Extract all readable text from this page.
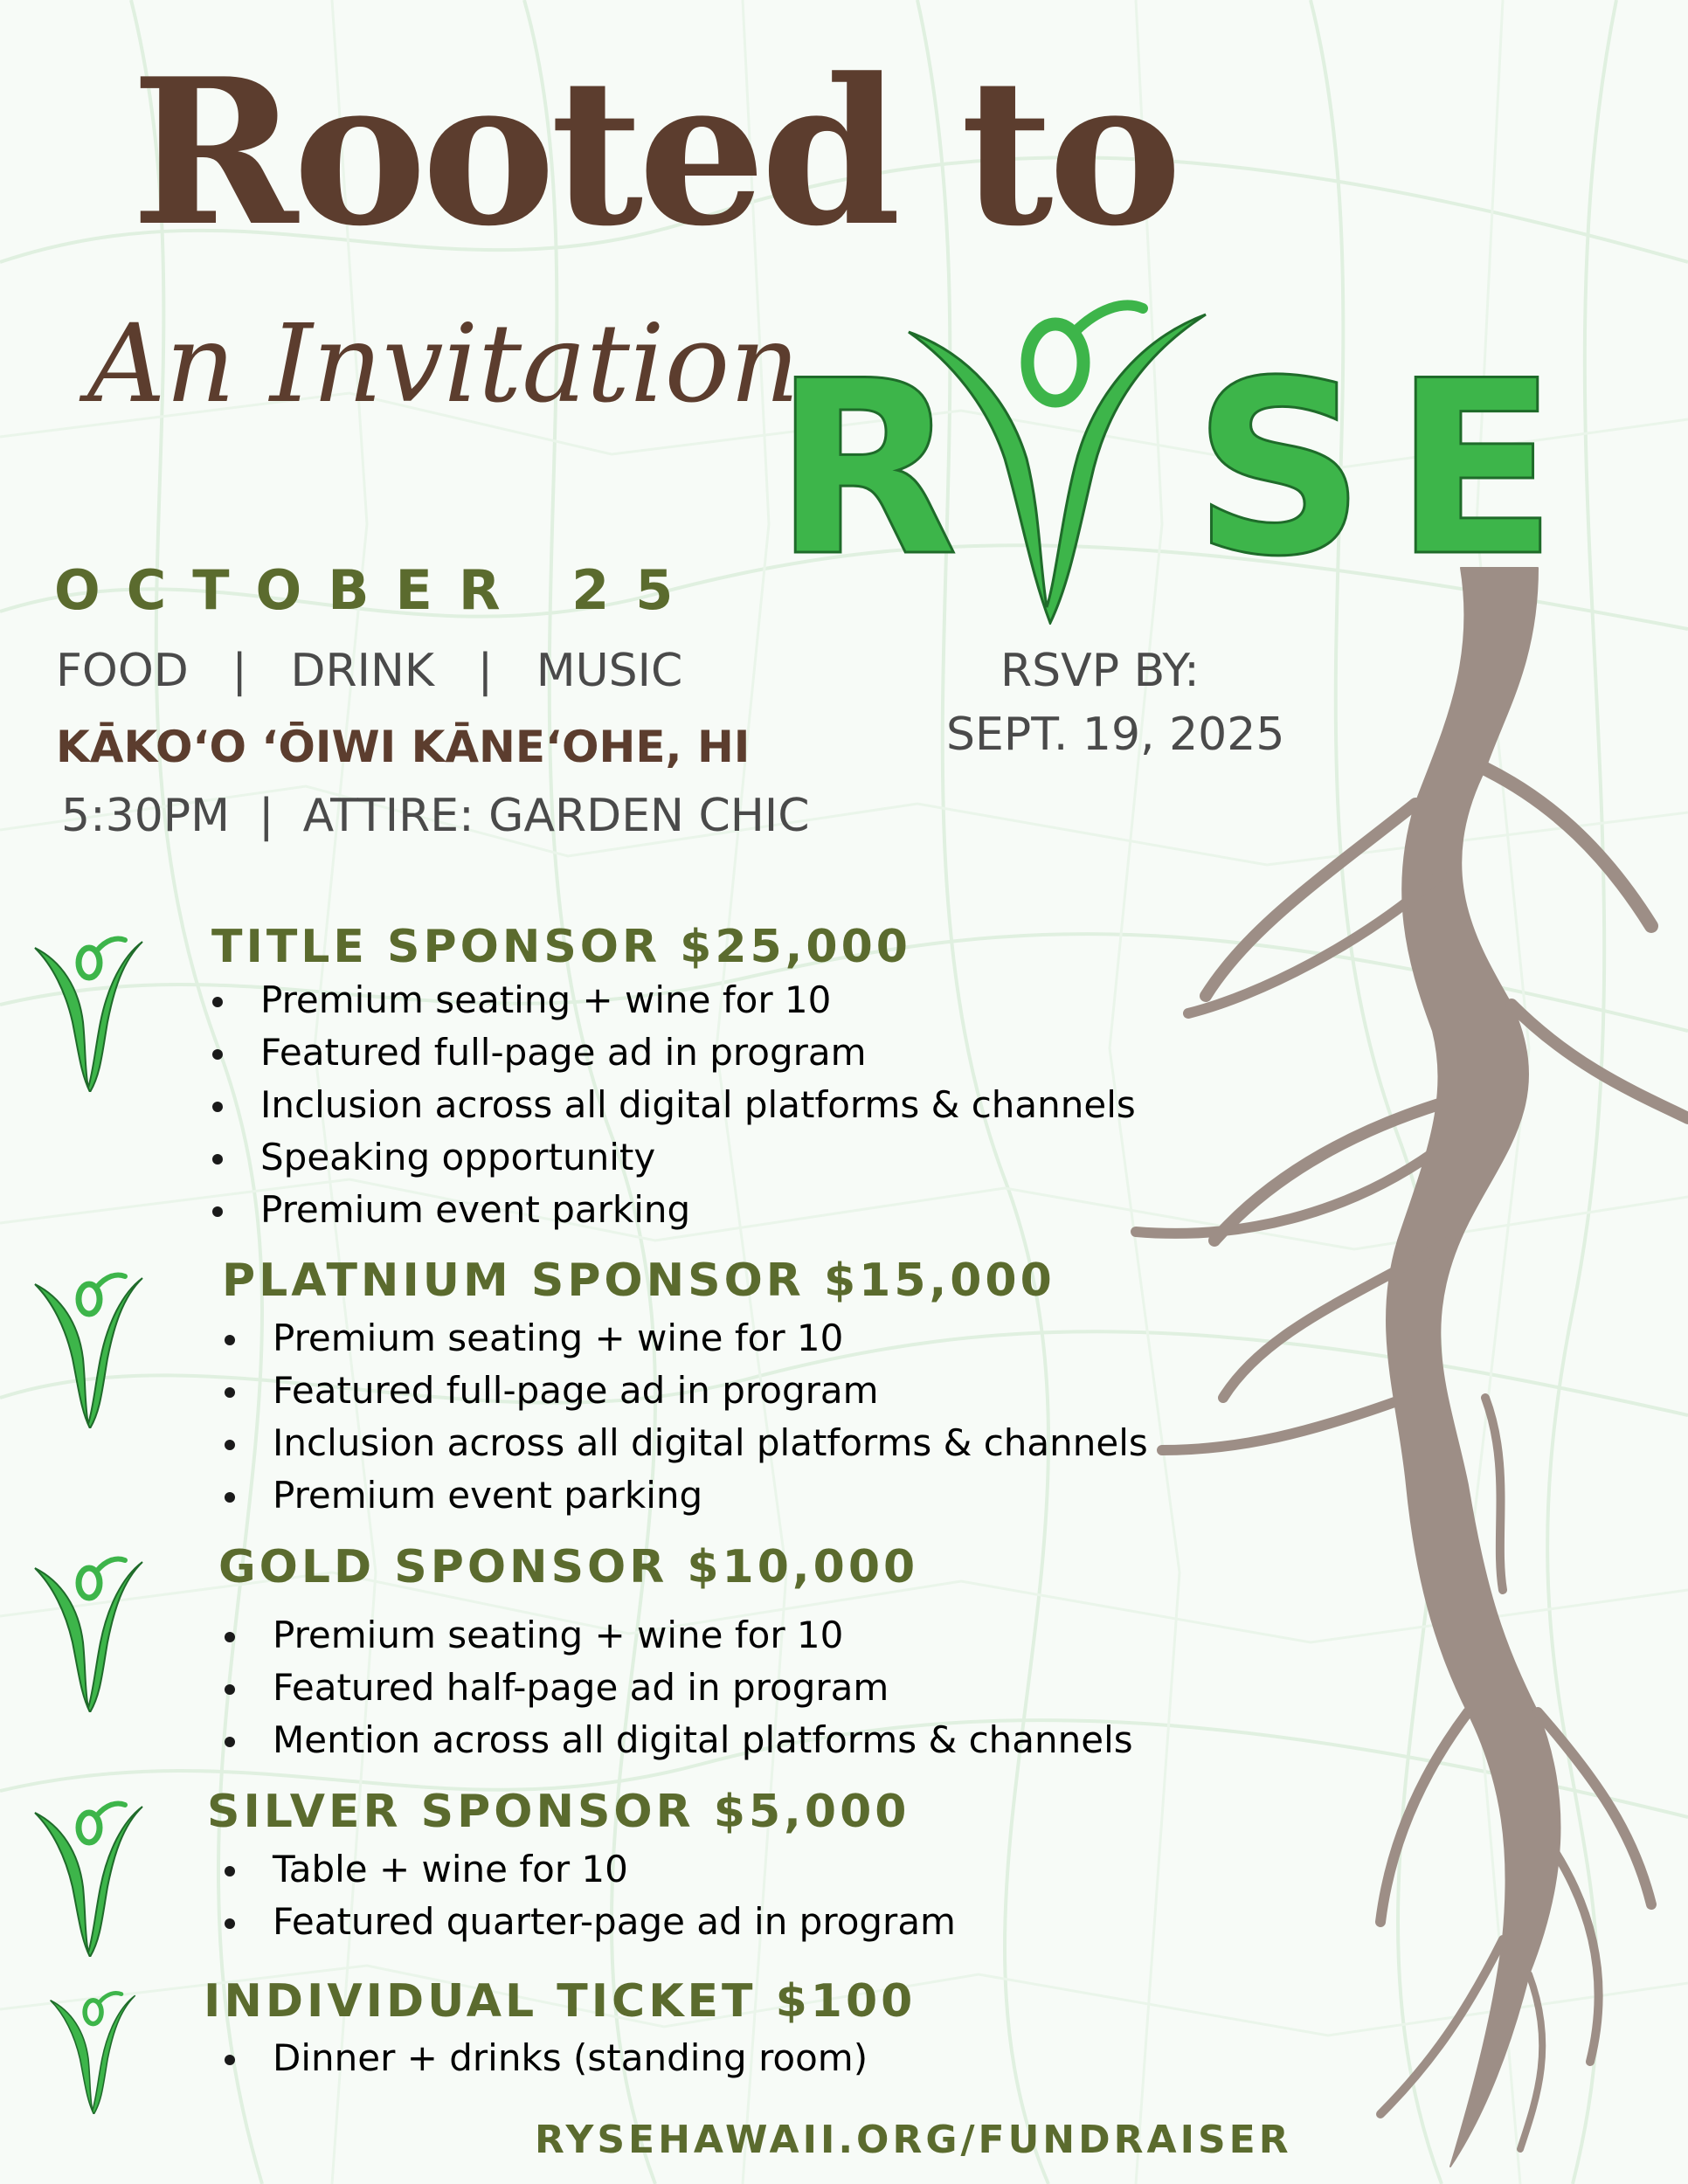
Rooted to
An Invitation
R S E
OCTOBER 25
FOOD   |   DRINK   |   MUSIC
KĀKOʻO ʻŌIWI KĀNEʻOHE, HI
5:30PM  |  ATTIRE: GARDEN CHIC
RSVP BY:
SEPT. 19, 2025
TITLE SPONSOR $25,000
Premium seating + wine for 10
Featured full-page ad in program
Inclusion across all digital platforms & channels
Speaking opportunity
Premium event parking
PLATNIUM SPONSOR $15,000
Premium seating + wine for 10
Featured full-page ad in program
Inclusion across all digital platforms & channels
Premium event parking
GOLD SPONSOR $10,000
Premium seating + wine for 10
Featured half-page ad in program
Mention across all digital platforms & channels
SILVER SPONSOR $5,000
Table + wine for 10
Featured quarter-page ad in program
INDIVIDUAL TICKET $100
Dinner + drinks (standing room)
RYSEHAWAII.ORG/FUNDRAISER
